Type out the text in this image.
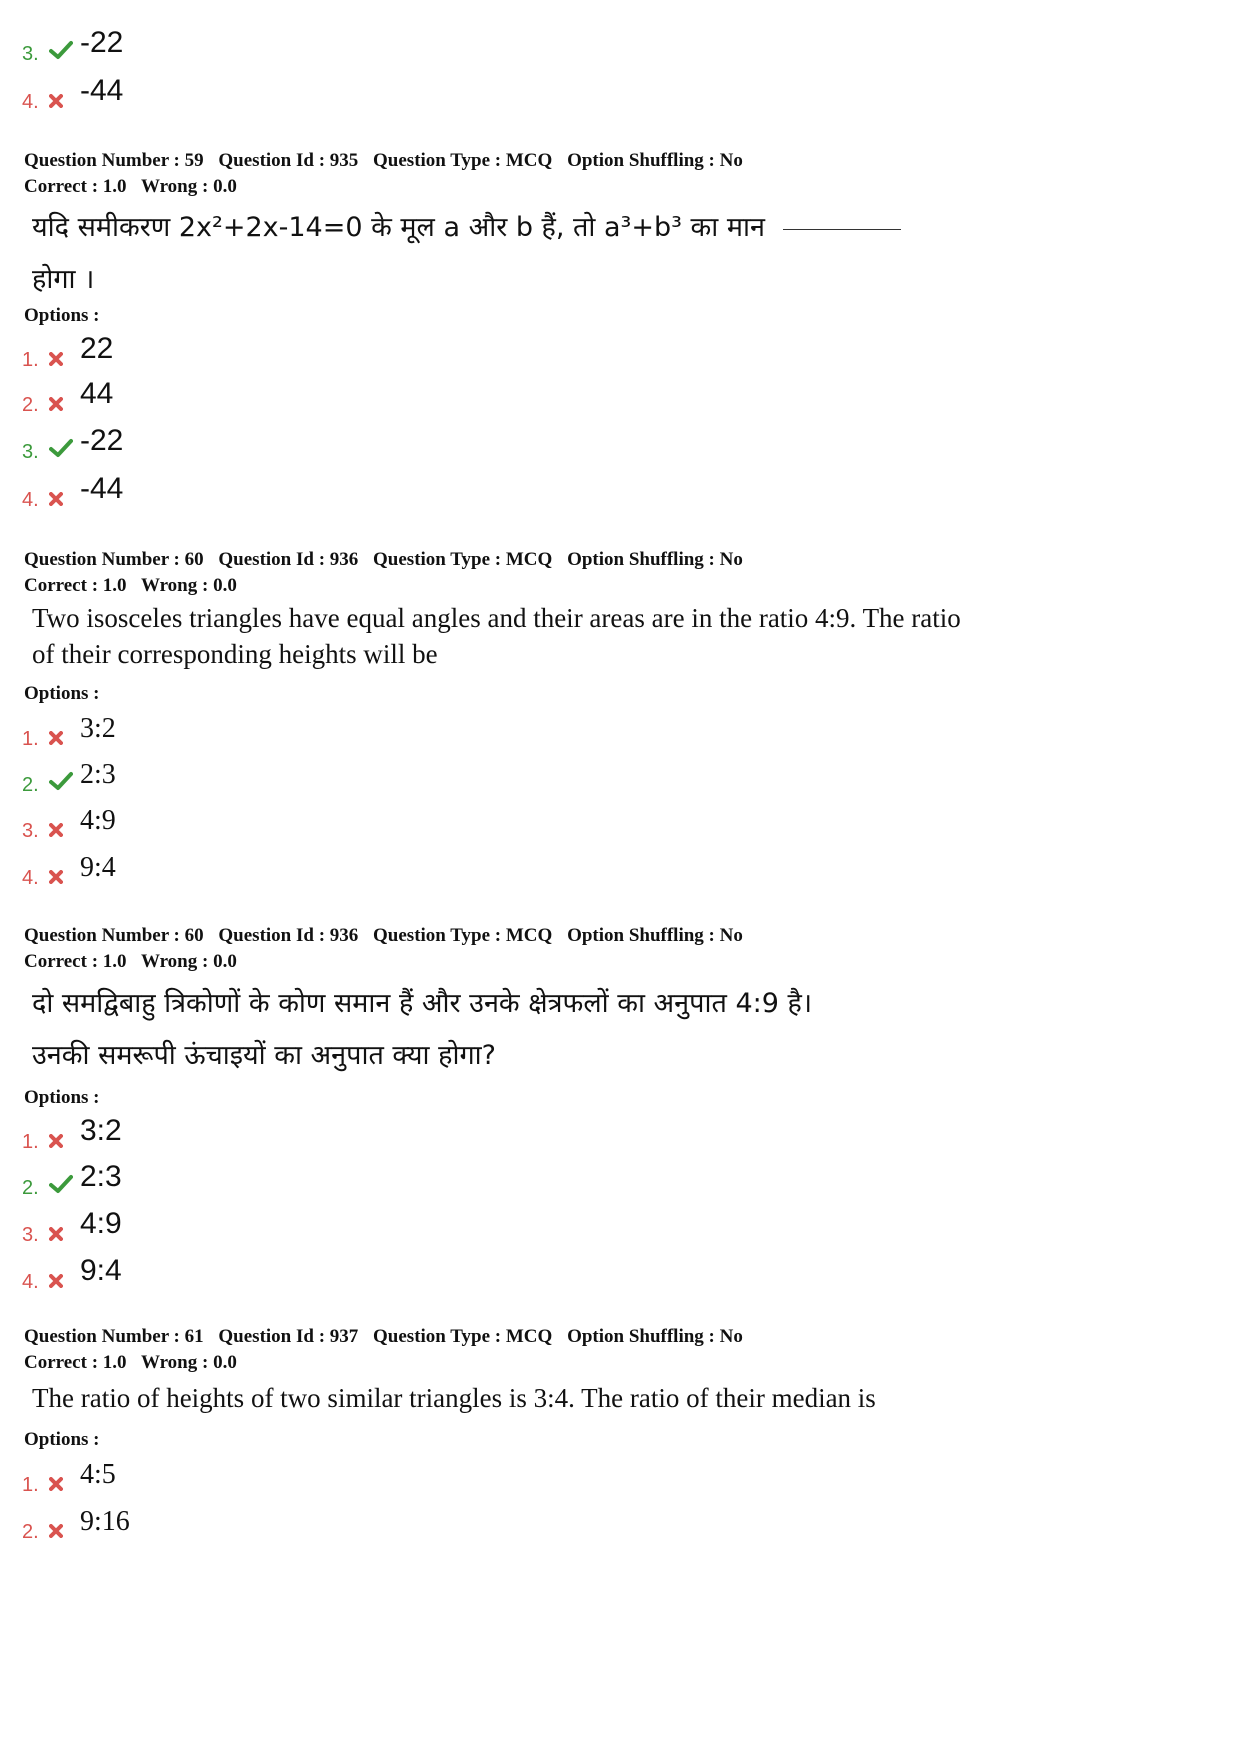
3. -22
4. -44
Question Number : 59 Question Id : 935 Question Type : MCQ Option Shuffling : No
Correct : 1.0 Wrong : 0.0
यदि समीकरण 2x²+2x-14=0 के मूल a और b हैं, तो a³+b³ का मान
होगा ।
Options :
1. 22
2. 44
3. -22
4. -44
Question Number : 60 Question Id : 936 Question Type : MCQ Option Shuffling : No
Correct : 1.0 Wrong : 0.0
Two isosceles triangles have equal angles and their areas are in the ratio 4:9. The ratio
of their corresponding heights will be
Options :
1. 3:2
2. 2:3
3. 4:9
4. 9:4
Question Number : 60 Question Id : 936 Question Type : MCQ Option Shuffling : No
Correct : 1.0 Wrong : 0.0
दो समद्विबाहु त्रिकोणों के कोण समान हैं और उनके क्षेत्रफलों का अनुपात 4:9 है।
उनकी समरूपी ऊंचाइयों का अनुपात क्या होगा?
Options :
1. 3:2
2. 2:3
3. 4:9
4. 9:4
Question Number : 61 Question Id : 937 Question Type : MCQ Option Shuffling : No
Correct : 1.0 Wrong : 0.0
The ratio of heights of two similar triangles is 3:4. The ratio of their median is
Options :
1. 4:5
2. 9:16
